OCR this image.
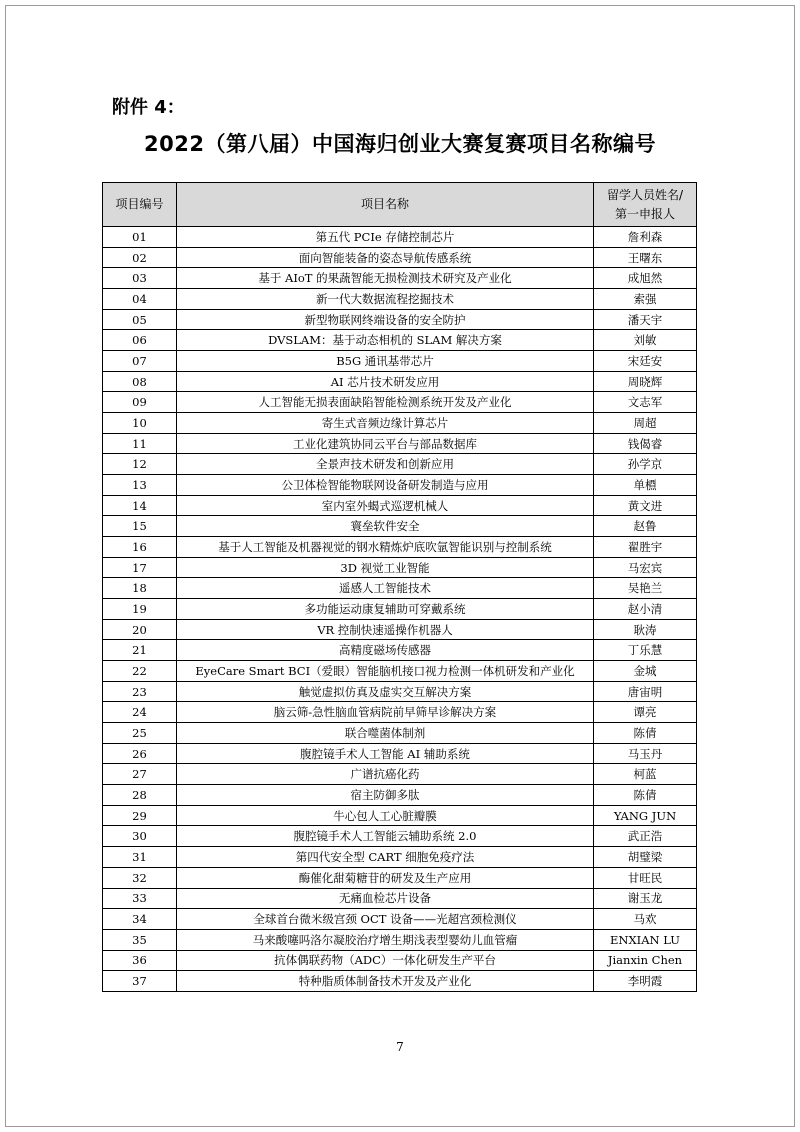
附件 4：
2022（第八届）中国海归创业大赛复赛项目名称编号
项目编号	项目名称	留学人员姓名/
第一申报人

01	第五代 PCIe 存储控制芯片	詹利森
02	面向智能装备的姿态导航传感系统	王曙东
03	基于 AIoT 的果蔬智能无损检测技术研究及产业化	成旭然
04	新一代大数据流程挖掘技术	索强
05	新型物联网终端设备的安全防护	潘天宇
06	DVSLAM：基于动态相机的 SLAM 解决方案	刘敏
07	B5G 通讯基带芯片	宋廷安
08	AI 芯片技术研发应用	周晓辉
09	人工智能无损表面缺陷智能检测系统开发及产业化	文志军
10	寄生式音频边缘计算芯片	周超
11	工业化建筑协同云平台与部品数据库	钱偈睿
12	全景声技术研发和创新应用	孙学京
13	公卫体检智能物联网设备研发制造与应用	单槱
14	室内室外蝎式巡逻机械人	黄文进
15	寰垒软件安全	赵鲁
16	基于人工智能及机器视觉的钢水精炼炉底吹氩智能识别与控制系统	翟胜宇
17	3D 视觉工业智能	马宏宾
18	遥感人工智能技术	吴艳兰
19	多功能运动康复辅助可穿戴系统	赵小清
20	VR 控制快速遥操作机器人	耿涛
21	高精度磁场传感器	丁乐慧
22	EyeCare Smart BCI（爱眼）智能脑机接口视力检测一体机研发和产业化	金城
23	触觉虚拟仿真及虚实交互解决方案	唐宙明
24	脑云筛-急性脑血管病院前早筛早诊解决方案	谭亮
25	联合噬菌体制剂	陈倩
26	腹腔镜手术人工智能 AI 辅助系统	马玉丹
27	广谱抗癌化药	柯蓝
28	宿主防御多肽	陈倩
29	牛心包人工心脏瓣膜	YANG JUN
30	腹腔镜手术人工智能云辅助系统 2.0	武正浩
31	第四代安全型 CART 细胞免疫疗法	胡璧梁
32	酶催化甜菊糖苷的研发及生产应用	甘旺民
33	无痛血检芯片设备	谢玉龙
34	全球首台微米级宫颈 OCT 设备——光超宫颈检测仪	马欢
35	马来酸噻吗洛尔凝胶治疗增生期浅表型婴幼儿血管瘤	ENXIAN LU
36	抗体偶联药物（ADC）一体化研发生产平台	Jianxin Chen
37	特种脂质体制备技术开发及产业化	李明霞
7
